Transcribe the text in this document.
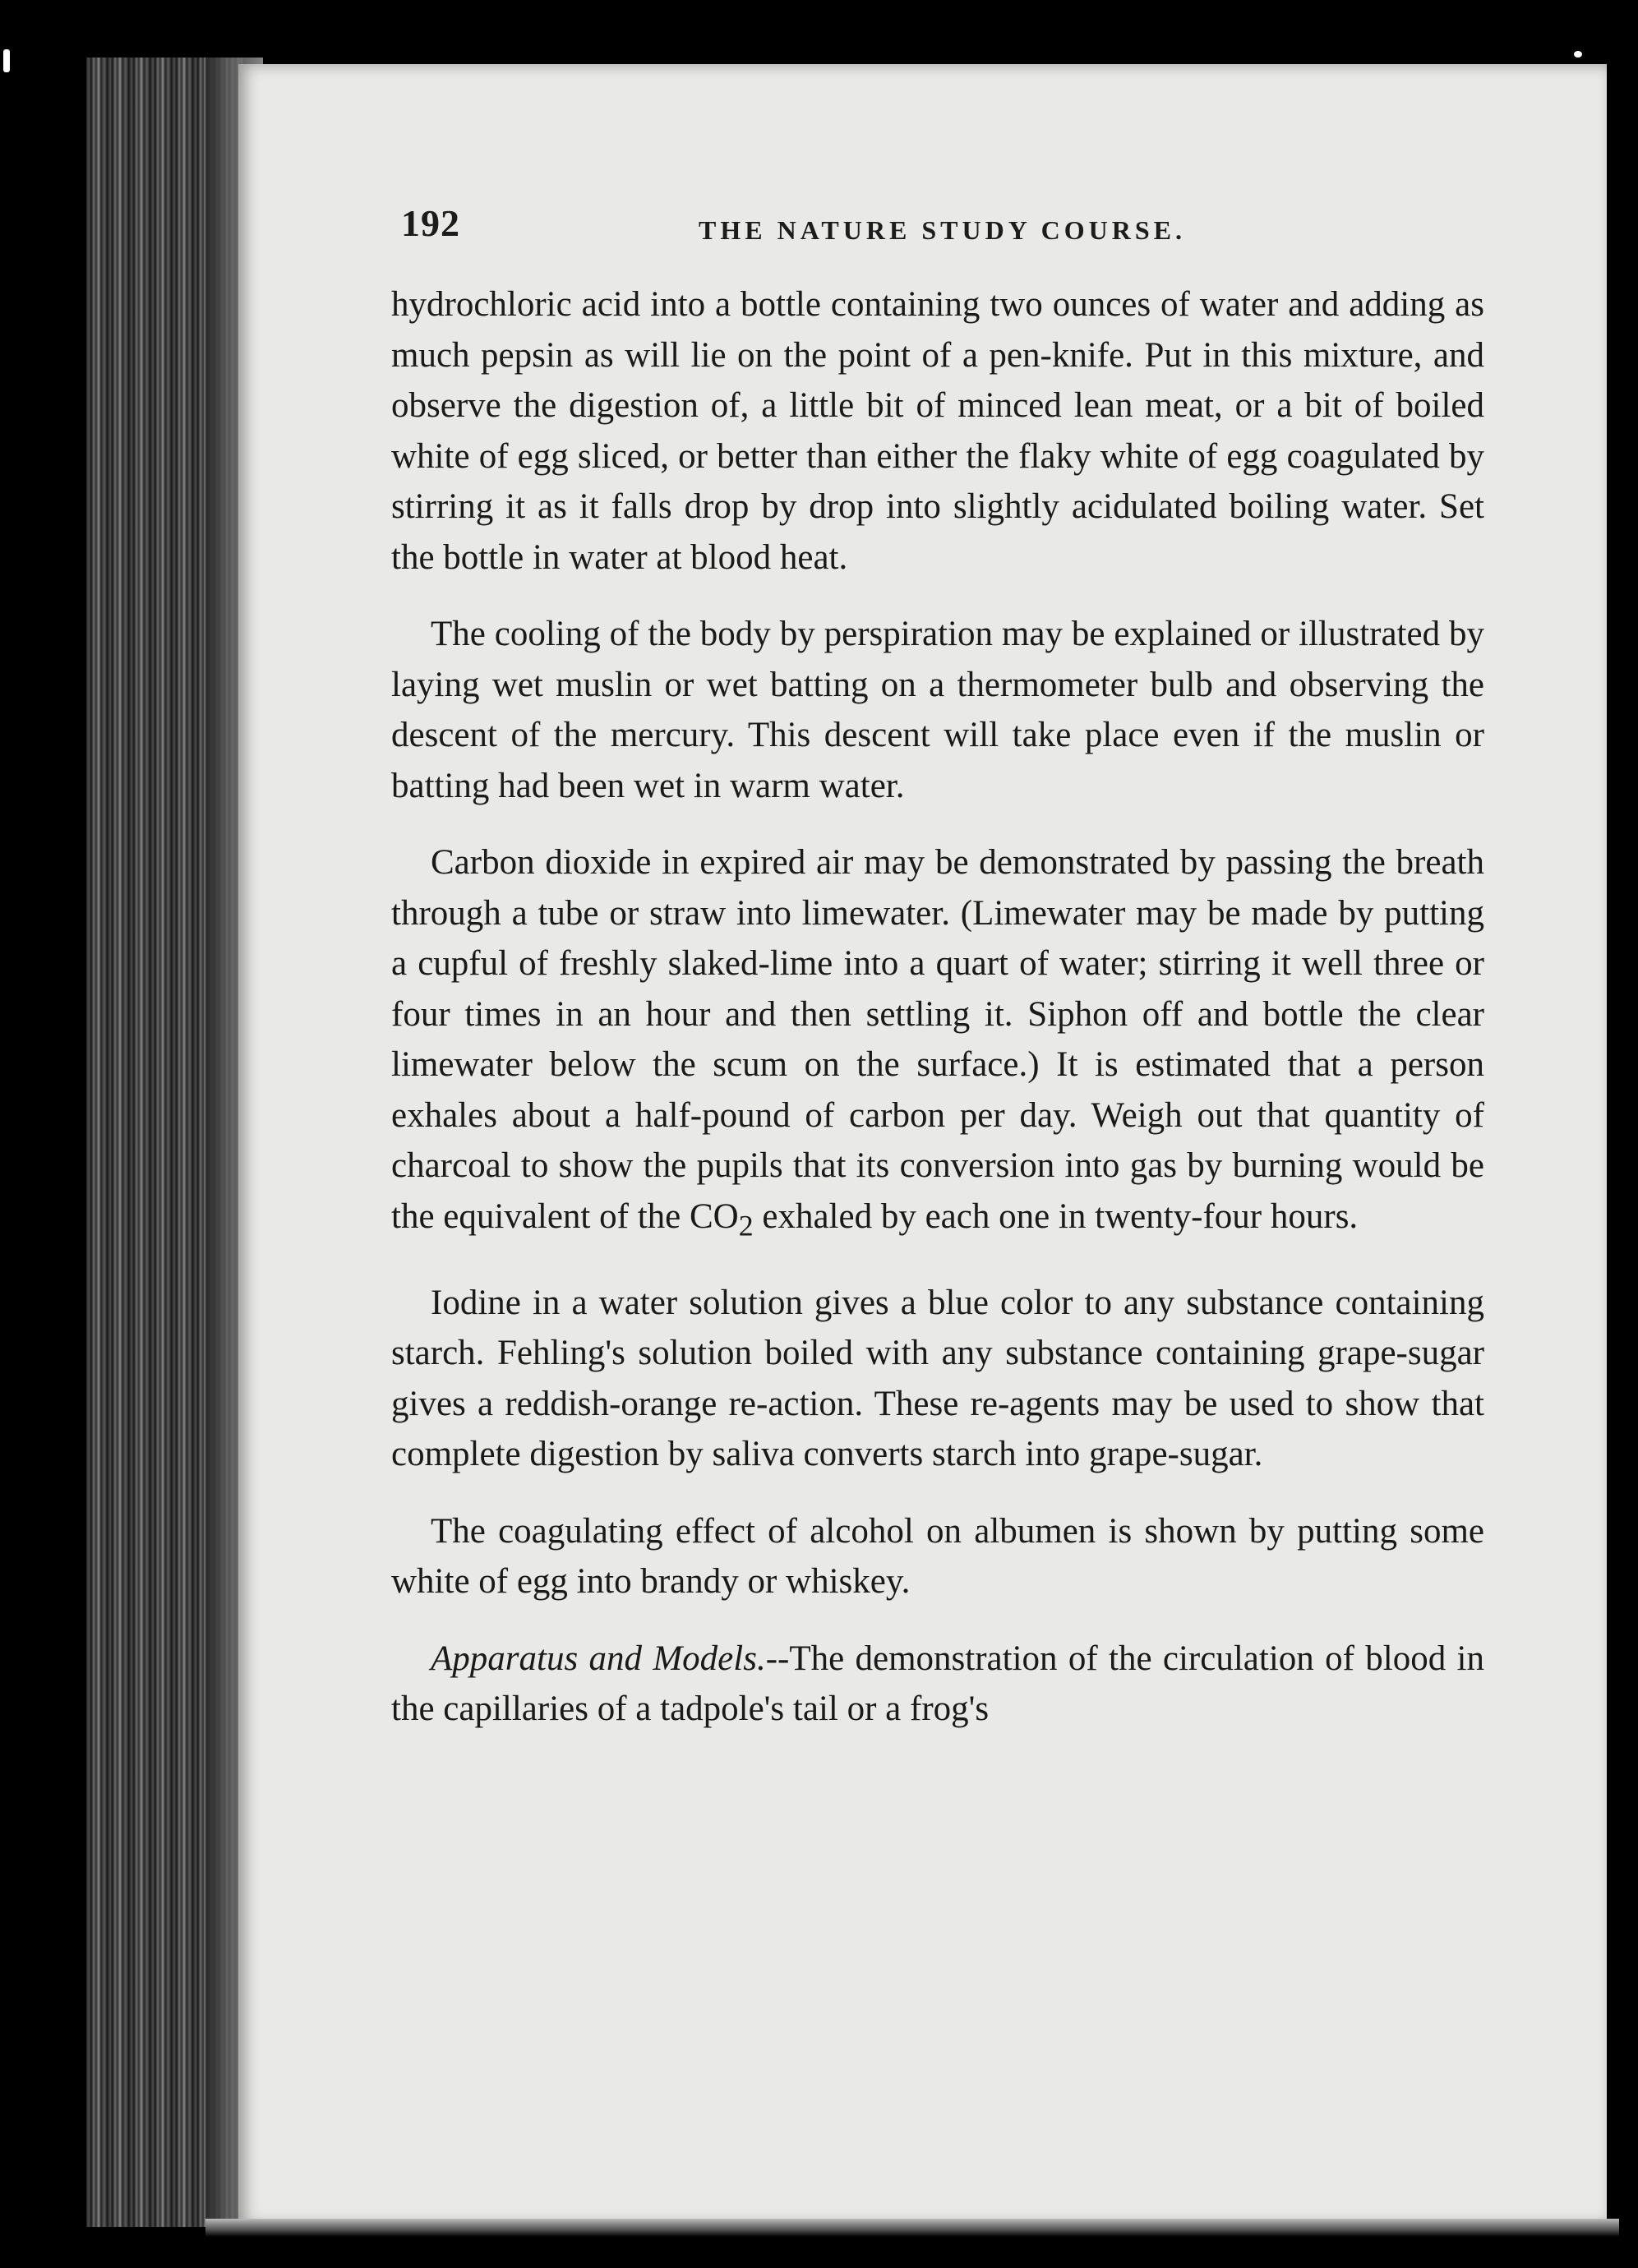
192	THE NATURE STUDY COURSE.

hydrochloric acid into a bottle containing two ounces of water and adding as much pepsin as will lie on the point of a pen-knife. Put in this mixture, and observe the digestion of, a little bit of minced lean meat, or a bit of boiled white of egg sliced, or better than either the flaky white of egg coagulated by stirring it as it falls drop by drop into slightly acidulated boiling water. Set the bottle in water at blood heat.

The cooling of the body by perspiration may be explained or illustrated by laying wet muslin or wet batting on a thermometer bulb and observing the descent of the mercury. This descent will take place even if the muslin or batting had been wet in warm water.

Carbon dioxide in expired air may be demonstrated by passing the breath through a tube or straw into limewater. (Limewater may be made by putting a cupful of freshly slaked-lime into a quart of water; stirring it well three or four times in an hour and then settling it. Siphon off and bottle the clear limewater below the scum on the surface.) It is estimated that a person exhales about a half-pound of carbon per day. Weigh out that quantity of charcoal to show the pupils that its conversion into gas by burning would be the equivalent of the $CO_2$ exhaled by each one in twenty-four hours.

Iodine in a water solution gives a blue color to any substance containing starch. Fehling's solution boiled with any substance containing grape-sugar gives a reddish-orange re-action. These re-agents may be used to show that complete digestion by saliva converts starch into grape-sugar.

The coagulating effect of alcohol on albumen is shown by putting some white of egg into brandy or whiskey.

Apparatus and Models.--The demonstration of the circulation of blood in the capillaries of a tadpole's tail or a frog's
